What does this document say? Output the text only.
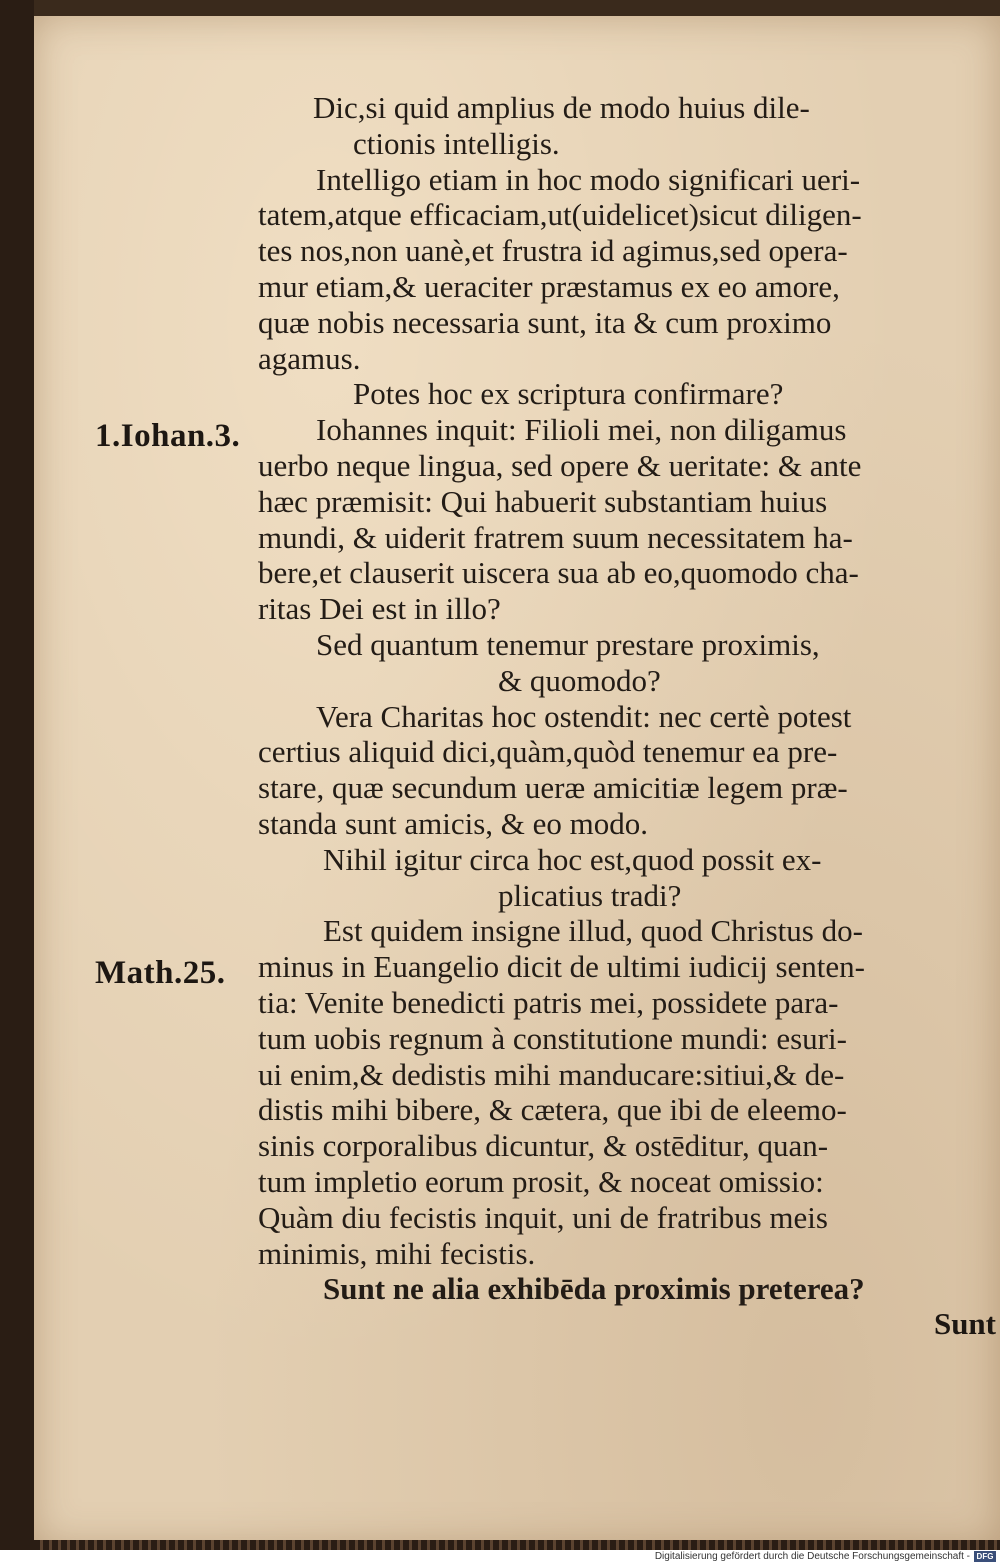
1.Iohan.3.
Math.25.
Dic,si quid amplius de modo huius dile-
ctionis intelligis.
Intelligo etiam in hoc modo significari ueri-
tatem,atque efficaciam,ut(uidelicet)sicut diligen-
tes nos,non uanè,et frustra id agimus,sed opera-
mur etiam,& ueraciter præstamus ex eo amore,
quæ nobis necessaria sunt, ita & cum proximo
agamus.
Potes hoc ex scriptura confirmare?
Iohannes inquit: Filioli mei, non diligamus
uerbo neque lingua, sed opere & ueritate: & ante
hæc præmisit: Qui habuerit substantiam huius
mundi, & uiderit fratrem suum necessitatem ha-
bere,et clauserit uiscera sua ab eo,quomodo cha-
ritas Dei est in illo?
Sed quantum tenemur prestare proximis,
& quomodo?
Vera Charitas hoc ostendit: nec certè potest
certius aliquid dici,quàm,quòd tenemur ea pre-
stare, quæ secundum ueræ amicitiæ legem præ-
standa sunt amicis, & eo modo.
Nihil igitur circa hoc est,quod possit ex-
plicatius tradi?
Est quidem insigne illud, quod Christus do-
minus in Euangelio dicit de ultimi iudicij senten-
tia: Venite benedicti patris mei, possidete para-
tum uobis regnum à constitutione mundi: esuri-
ui enim,& dedistis mihi manducare:sitiui,& de-
distis mihi bibere, & cætera, que ibi de eleemo-
sinis corporalibus dicuntur, & ostēditur, quan-
tum impletio eorum prosit, & noceat omissio:
Quàm diu fecistis inquit, uni de fratribus meis
minimis, mihi fecistis.
Sunt ne alia exhibēda proximis preterea?
Sunt
Digitalisierung gefördert durch die Deutsche Forschungsgemeinschaft - DFG
